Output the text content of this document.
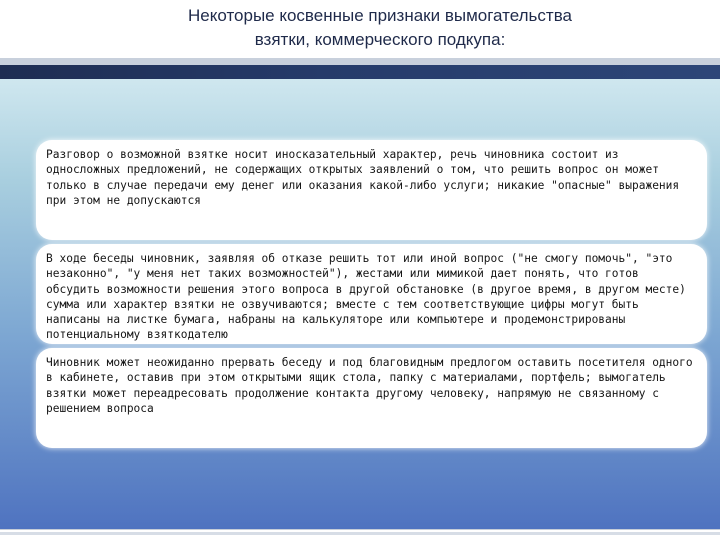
Некоторые косвенные признаки вымогательства
взятки, коммерческого подкупа:
Разговор о возможной взятке носит иносказательный характер, речь чиновника состоит из односложных предложений, не содержащих открытых заявлений о том, что решить вопрос он может только в случае передачи ему денег или оказания какой-либо услуги; никакие "опасные" выражения при этом не допускаются
В ходе беседы чиновник, заявляя об отказе решить тот или иной вопрос ("не смогу помочь", "это незаконно", "у меня нет таких возможностей"), жестами или мимикой дает понять, что готов обсудить возможности решения этого вопроса в другой обстановке (в другое время, в другом месте) сумма или характер взятки не озвучиваются; вместе с тем соответствующие цифры могут быть написаны на листке бумага, набраны на калькуляторе или компьютере и продемонстрированы потенциальному взяткодателю
Чиновник может неожиданно прервать беседу и под благовидным предлогом оставить посетителя одного в кабинете, оставив при этом открытыми ящик стола, папку с материалами, портфель; вымогатель взятки может переадресовать продолжение контакта другому человеку, напрямую не связанному с решением вопроса
